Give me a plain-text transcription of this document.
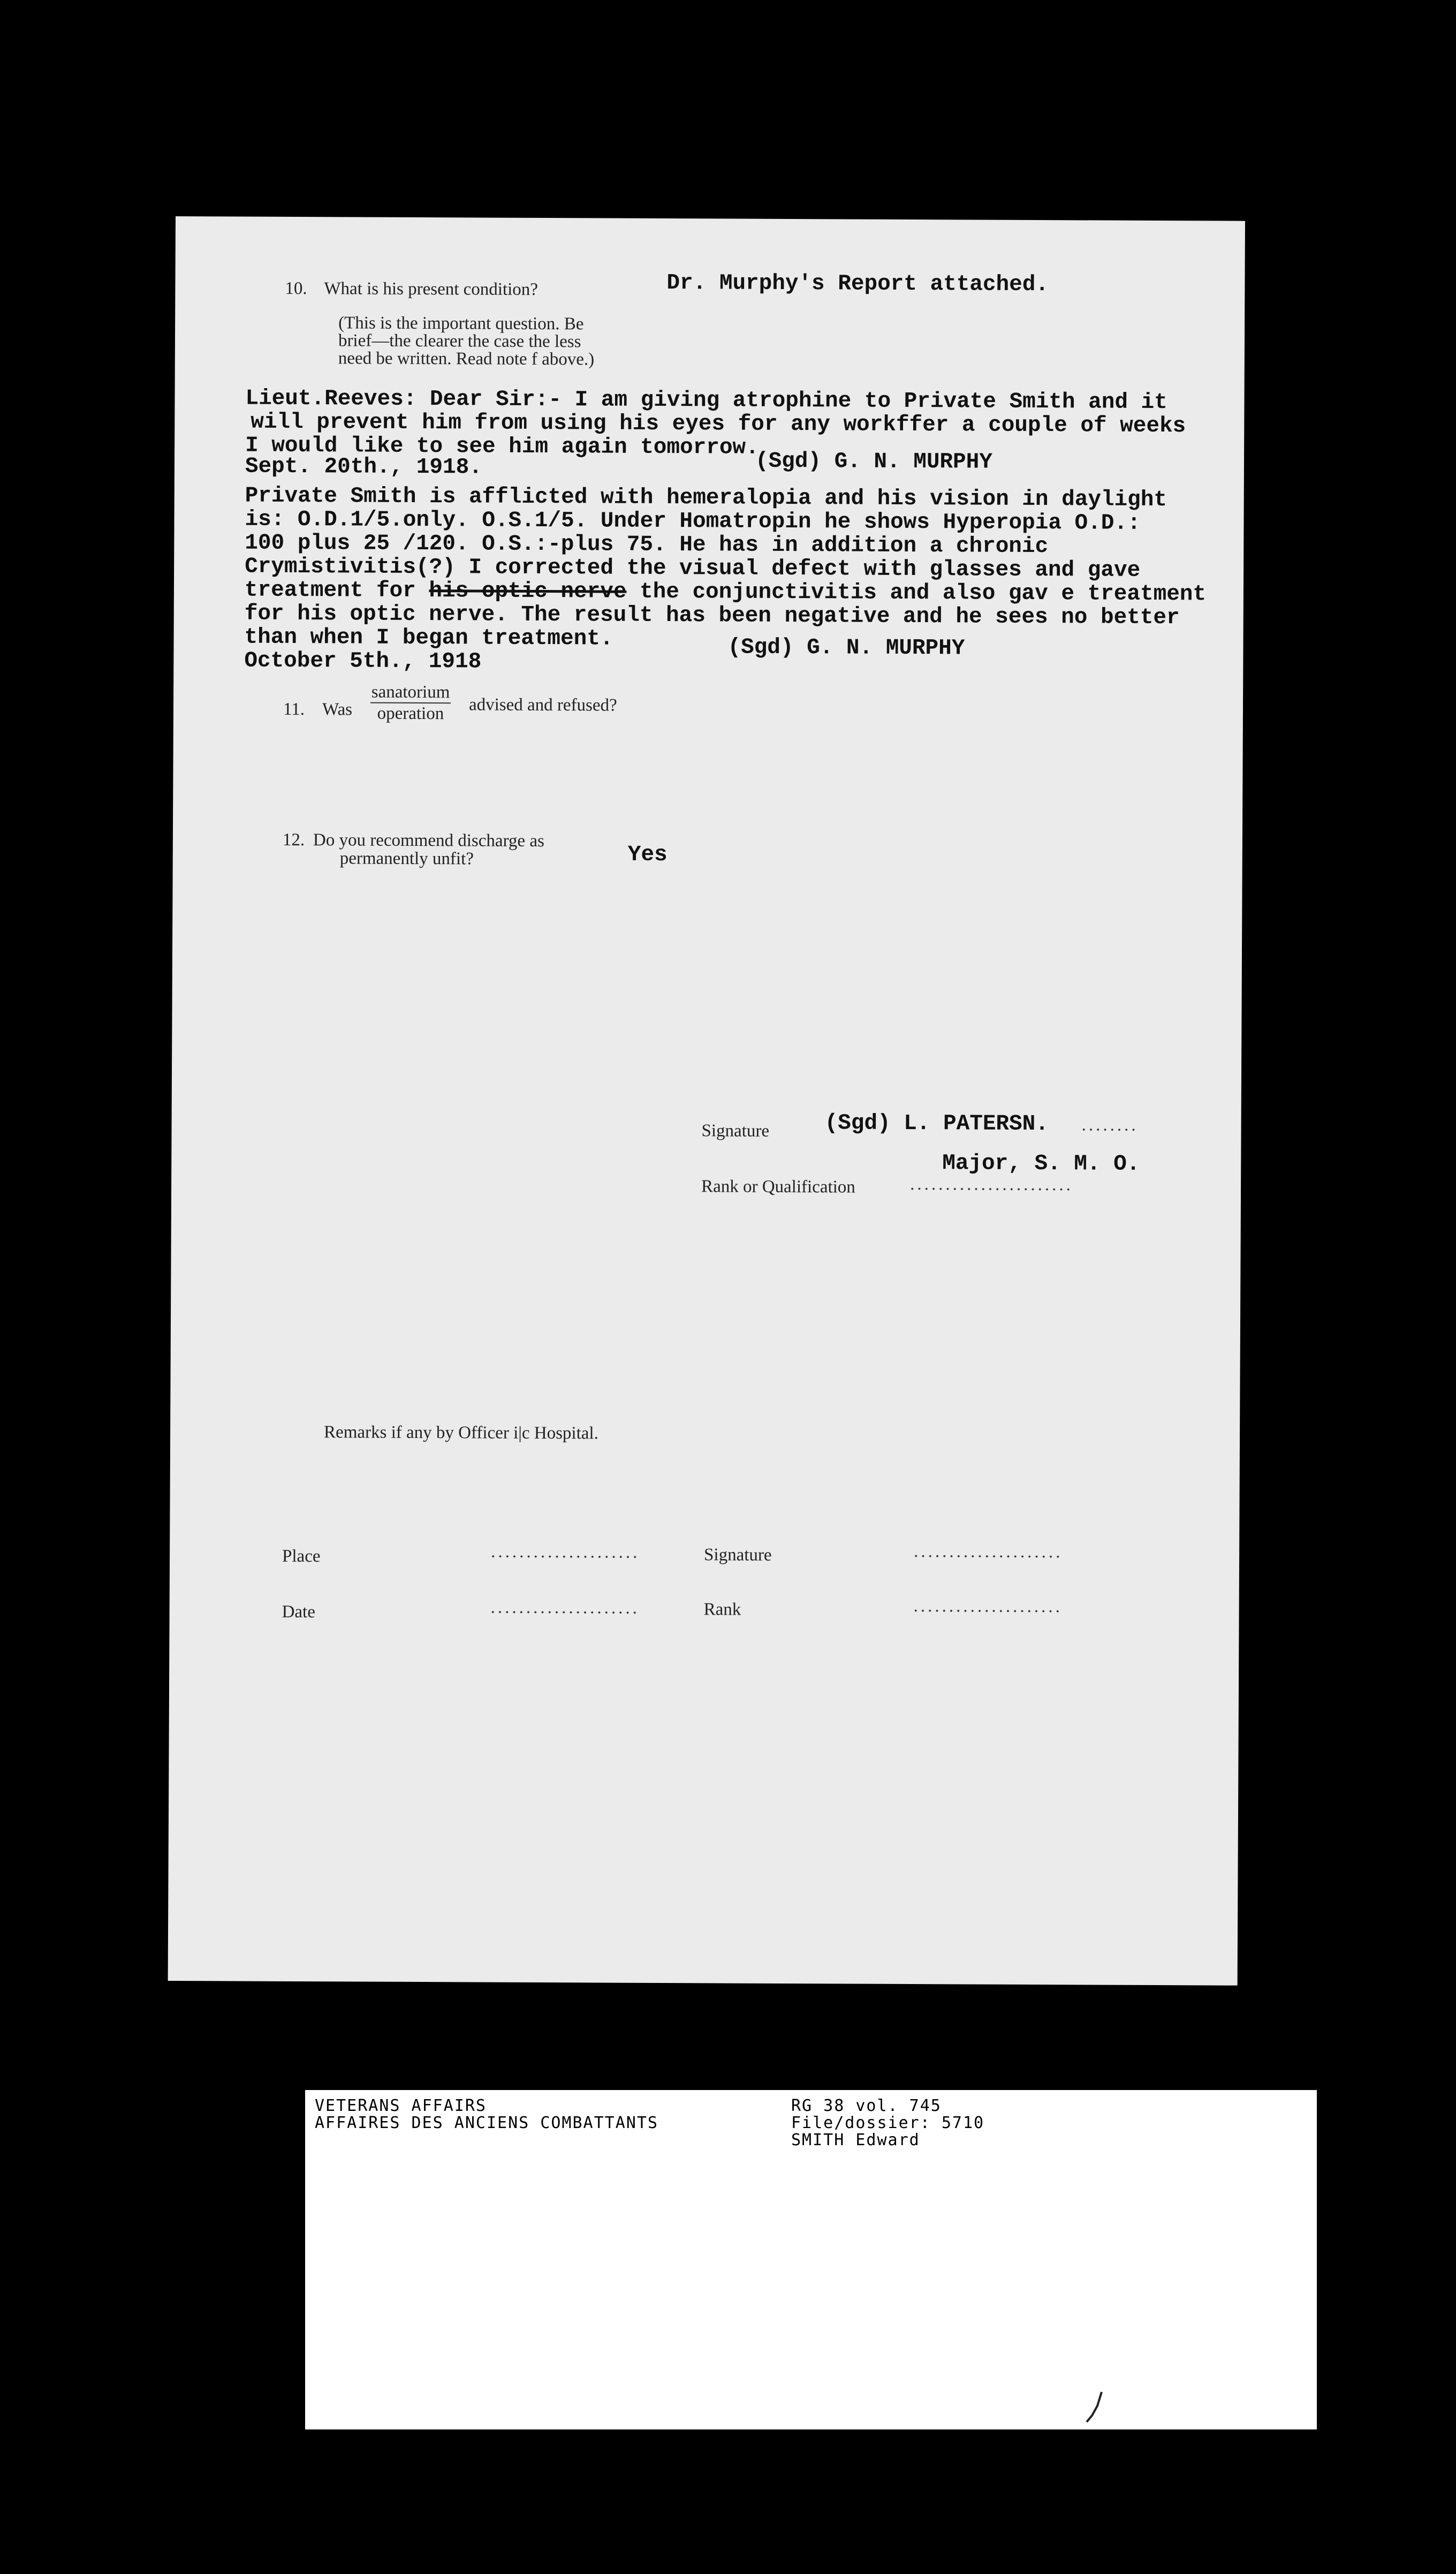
10. What is his present condition?	Dr. Murphy's Report attached.
(This is the important question. Be
brief—the clearer the case the less
need be written. Read note f above.)
Lieut.Reeves: Dear Sir:- I am giving atrophine to Private Smith and it
will prevent him from using his eyes for any workffer a couple of weeks
I would like to see him again tomorrow.
Sept. 20th., 1918.	(Sgd) G. N. MURPHY
Private Smith is afflicted with hemeralopia and his vision in daylight
is: O.D.1/5.only. O.S.1/5. Under Homatropin he shows Hyperopia O.D.:
100 plus 25 /120. O.S.:-plus 75. He has in addition a chronic
Crymistivitis(?) I corrected the visual defect with glasses and gave
treatment for his optic nerve the conjunctivitis and also gav e treatment
for his optic nerve. The result has been negative and he sees no better
than when I began treatment.
October 5th., 1918
(Sgd) G. N. MURPHY
11. Was
sanatorium
operation	advised and refused?
12. Do you recommend discharge as
permanently unfit?	Yes
Signature	(Sgd) L. PATERSN. ........
Major, S. M. O.
Rank or Qualification	.......................
Remarks if any by Officer i|c Hospital.
Place	.....................
Date	.....................
Signature	.....................
Rank	.....................
VETERANS AFFAIRS
AFFAIRES DES ANCIENS COMBATTANTS
RG 38 vol. 745
File/dossier: 5710
SMITH Edward
